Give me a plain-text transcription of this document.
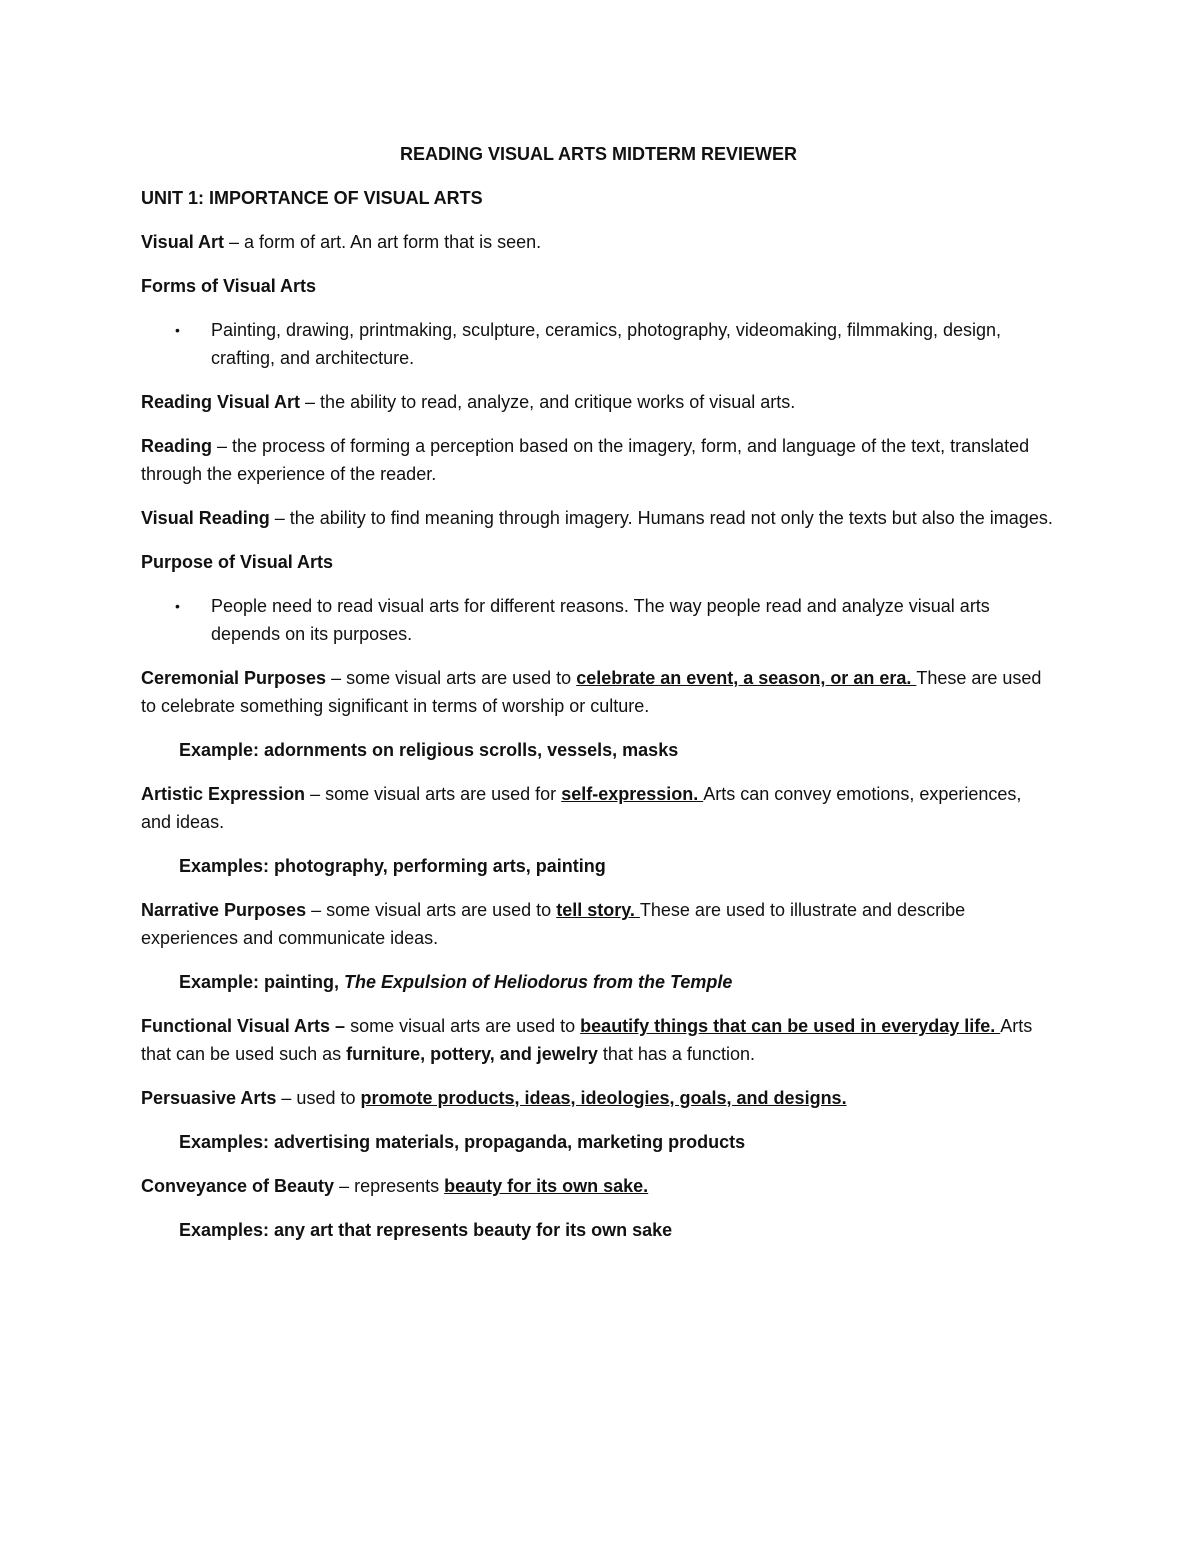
READING VISUAL ARTS MIDTERM REVIEWER
UNIT 1: IMPORTANCE OF VISUAL ARTS

Visual Art – a form of art. An art form that is seen.

Forms of Visual Arts
• Painting, drawing, printmaking, sculpture, ceramics, photography, videomaking, filmmaking, design, crafting, and architecture.

Reading Visual Art – the ability to read, analyze, and critique works of visual arts.

Reading – the process of forming a perception based on the imagery, form, and language of the text, translated through the experience of the reader.

Visual Reading – the ability to find meaning through imagery. Humans read not only the texts but also the images.

Purpose of Visual Arts
• People need to read visual arts for different reasons. The way people read and analyze visual arts depends on its purposes.

Ceremonial Purposes – some visual arts are used to celebrate an event, a season, or an era. These are used to celebrate something significant in terms of worship or culture.

Example: adornments on religious scrolls, vessels, masks

Artistic Expression – some visual arts are used for self-expression. Arts can convey emotions, experiences, and ideas.

Examples: photography, performing arts, painting

Narrative Purposes – some visual arts are used to tell story. These are used to illustrate and describe experiences and communicate ideas.

Example: painting, The Expulsion of Heliodorus from the Temple

Functional Visual Arts – some visual arts are used to beautify things that can be used in everyday life. Arts that can be used such as furniture, pottery, and jewelry that has a function.

Persuasive Arts – used to promote products, ideas, ideologies, goals, and designs.

Examples: advertising materials, propaganda, marketing products

Conveyance of Beauty – represents beauty for its own sake.

Examples: any art that represents beauty for its own sake
